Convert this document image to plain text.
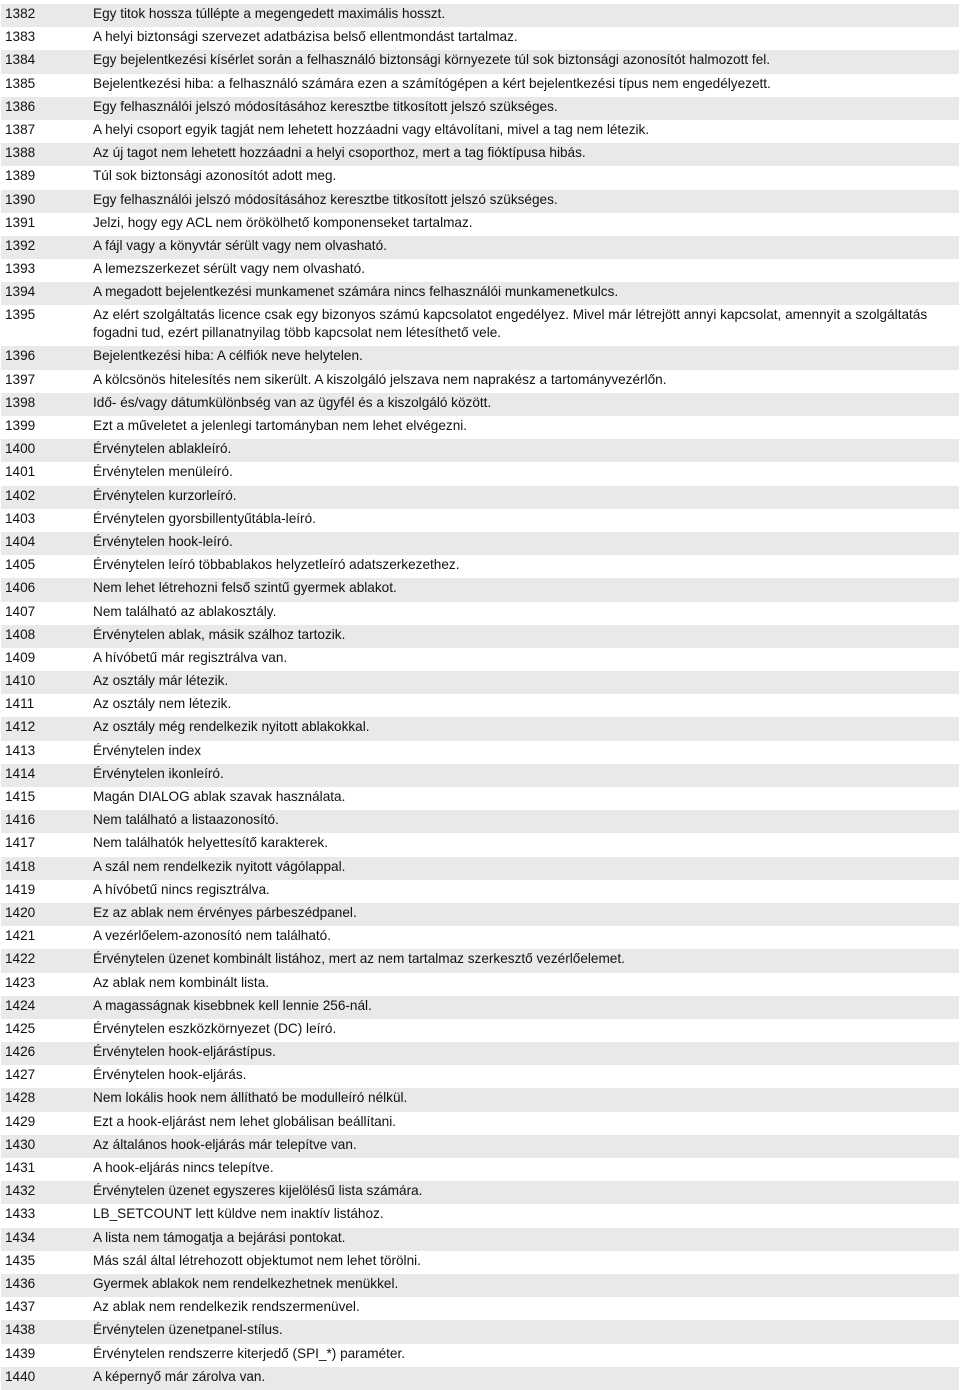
1382	Egy titok hossza túllépte a megengedett maximális hosszt.
1383	A helyi biztonsági szervezet adatbázisa belső ellentmondást tartalmaz.
1384	Egy bejelentkezési kísérlet során a felhasználó biztonsági környezete túl sok biztonsági azonosítót halmozott fel.
1385	Bejelentkezési hiba: a felhasználó számára ezen a számítógépen a kért bejelentkezési típus nem engedélyezett.
1386	Egy felhasználói jelszó módosításához keresztbe titkosított jelszó szükséges.
1387	A helyi csoport egyik tagját nem lehetett hozzáadni vagy eltávolítani, mivel a tag nem létezik.
1388	Az új tagot nem lehetett hozzáadni a helyi csoporthoz, mert a tag fióktípusa hibás.
1389	Túl sok biztonsági azonosítót adott meg.
1390	Egy felhasználói jelszó módosításához keresztbe titkosított jelszó szükséges.
1391	Jelzi, hogy egy ACL nem örökölhető komponenseket tartalmaz.
1392	A fájl vagy a könyvtár sérült vagy nem olvasható.
1393	A lemezszerkezet sérült vagy nem olvasható.
1394	A megadott bejelentkezési munkamenet számára nincs felhasználói munkamenetkulcs.
1395	Az elért szolgáltatás licence csak egy bizonyos számú kapcsolatot engedélyez. Mivel már létrejött annyi kapcsolat, amennyit a szolgáltatás fogadni tud, ezért pillanatnyilag több kapcsolat nem létesíthető vele.
1396	Bejelentkezési hiba: A célfiók neve helytelen.
1397	A kölcsönös hitelesítés nem sikerült. A kiszolgáló jelszava nem naprakész a tartományvezérlőn.
1398	Idő- és/vagy dátumkülönbség van az ügyfél és a kiszolgáló között.
1399	Ezt a műveletet a jelenlegi tartományban nem lehet elvégezni.
1400	Érvénytelen ablakleíró.
1401	Érvénytelen menüleíró.
1402	Érvénytelen kurzorleíró.
1403	Érvénytelen gyorsbillentyűtábla-leíró.
1404	Érvénytelen hook-leíró.
1405	Érvénytelen leíró többablakos helyzetleíró adatszerkezethez.
1406	Nem lehet létrehozni felső szintű gyermek ablakot.
1407	Nem található az ablakosztály.
1408	Érvénytelen ablak, másik szálhoz tartozik.
1409	A hívóbetű már regisztrálva van.
1410	Az osztály már létezik.
1411	Az osztály nem létezik.
1412	Az osztály még rendelkezik nyitott ablakokkal.
1413	Érvénytelen index
1414	Érvénytelen ikonleíró.
1415	Magán DIALOG ablak szavak használata.
1416	Nem található a listaazonosító.
1417	Nem találhatók helyettesítő karakterek.
1418	A szál nem rendelkezik nyitott vágólappal.
1419	A hívóbetű nincs regisztrálva.
1420	Ez az ablak nem érvényes párbeszédpanel.
1421	A vezérlőelem-azonosító nem található.
1422	Érvénytelen üzenet kombinált listához, mert az nem tartalmaz szerkesztő vezérlőelemet.
1423	Az ablak nem kombinált lista.
1424	A magasságnak kisebbnek kell lennie 256-nál.
1425	Érvénytelen eszközkörnyezet (DC) leíró.
1426	Érvénytelen hook-eljárástípus.
1427	Érvénytelen hook-eljárás.
1428	Nem lokális hook nem állítható be modulleíró nélkül.
1429	Ezt a hook-eljárást nem lehet globálisan beállítani.
1430	Az általános hook-eljárás már telepítve van.
1431	A hook-eljárás nincs telepítve.
1432	Érvénytelen üzenet egyszeres kijelölésű lista számára.
1433	LB_SETCOUNT lett küldve nem inaktív listához.
1434	A lista nem támogatja a bejárási pontokat.
1435	Más szál által létrehozott objektumot nem lehet törölni.
1436	Gyermek ablakok nem rendelkezhetnek menükkel.
1437	Az ablak nem rendelkezik rendszermenüvel.
1438	Érvénytelen üzenetpanel-stílus.
1439	Érvénytelen rendszerre kiterjedő (SPI_*) paraméter.
1440	A képernyő már zárolva van.
